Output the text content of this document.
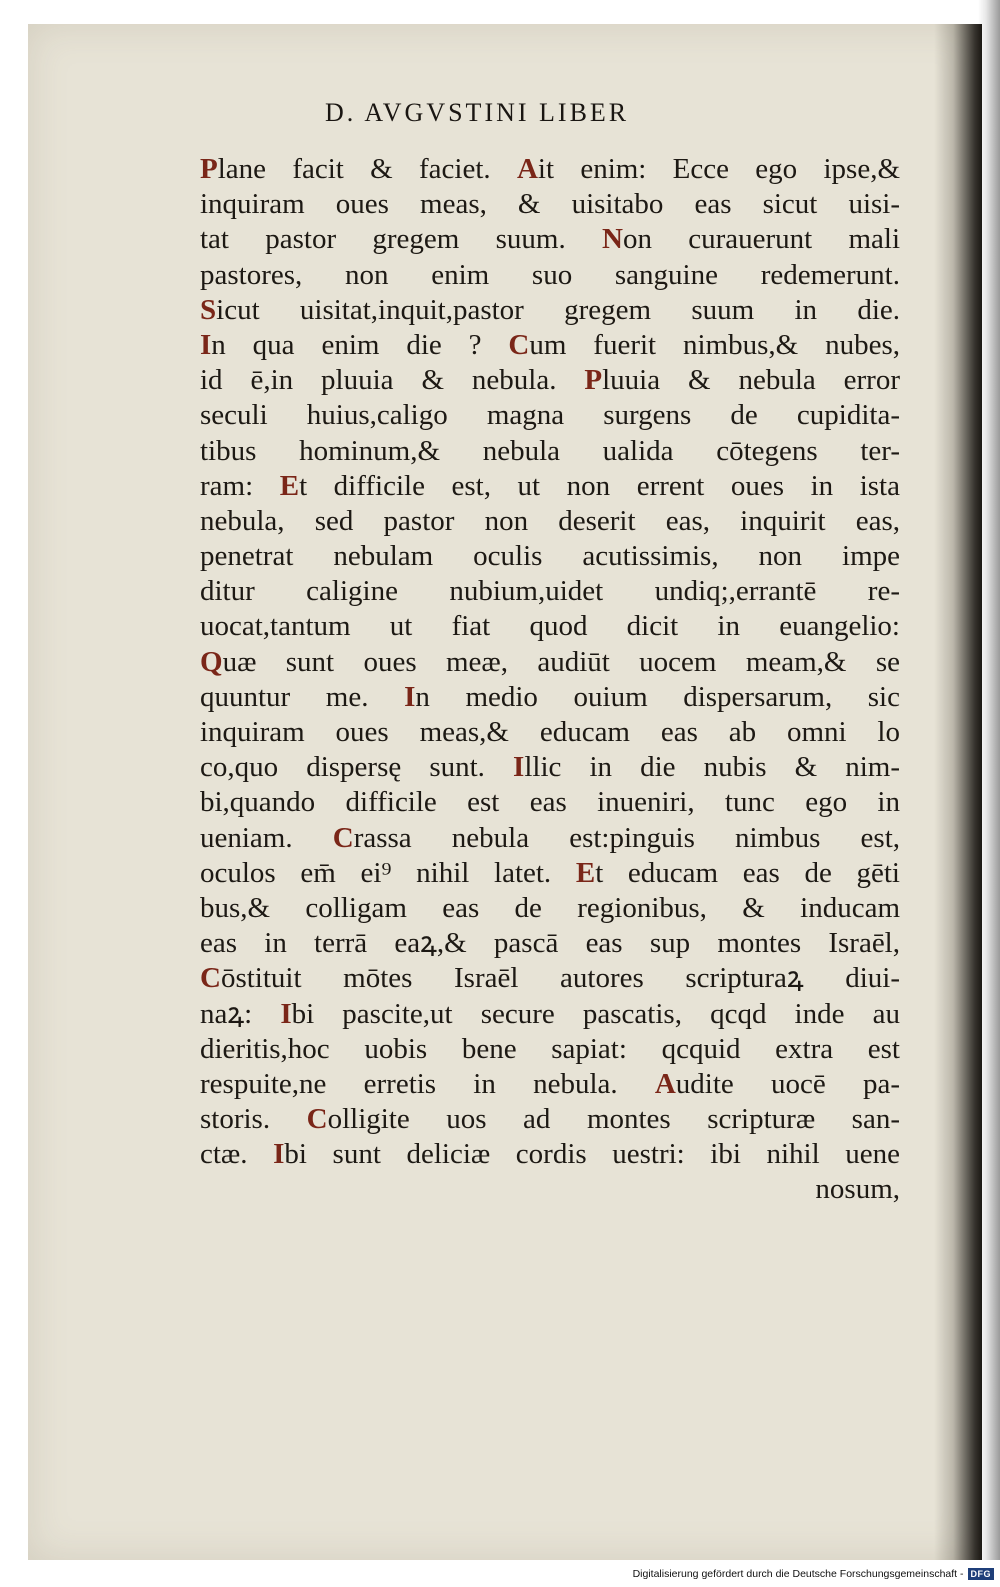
D. AVGVSTINI LIBER
Plane facit & faciet. Ait enim: Ecce ego ipse,&
inquiram oues meas, & uisitabo eas sicut uisi-
tat pastor gregem suum. Non curauerunt mali
pastores, non enim suo sanguine redemerunt.
Sicut uisitat,inquit,pastor gregem suum in die.
In qua enim die ? Cum fuerit nimbus,& nubes,
id ē,in pluuia & nebula. Pluuia & nebula error
seculi huius,caligo magna surgens de cupidita-
tibus hominum,& nebula ualida cōtegens ter-
ram: Et difficile est, ut non errent oues in ista
nebula, sed pastor non deserit eas, inquirit eas,
penetrat nebulam oculis acutissimis, non impe
ditur caligine nubium,uidet undiq;,errantē re-
uocat,tantum ut fiat quod dicit in euangelio:
Quæ sunt oues meæ, audiūt uocem meam,& se
quuntur me. In medio ouium dispersarum, sic
inquiram oues meas,& educam eas ab omni lo
co,quo dispersę sunt. Illic in die nubis & nim-
bi,quando difficile est eas inueniri, tunc ego in
ueniam. Crassa nebula est:pinguis nimbus est,
oculos em̄ ei⁹ nihil latet. Et educam eas de gēti
bus,& colligam eas de regionibus, & inducam
eas in terrā eaꝝ,& pascā eas sup montes Israēl,
Cōstituit mōtes Israēl autores scripturaꝝ diui-
naꝝ: Ibi pascite,ut secure pascatis, qcqd inde au
dieritis,hoc uobis bene sapiat: qcquid extra est
respuite,ne erretis in nebula. Audite uocē pa-
storis. Colligite uos ad montes scripturæ san-
ctæ. Ibi sunt deliciæ cordis uestri: ibi nihil uene
nosum,
Digitalisierung gefördert durch die Deutsche Forschungsgemeinschaft - DFG
